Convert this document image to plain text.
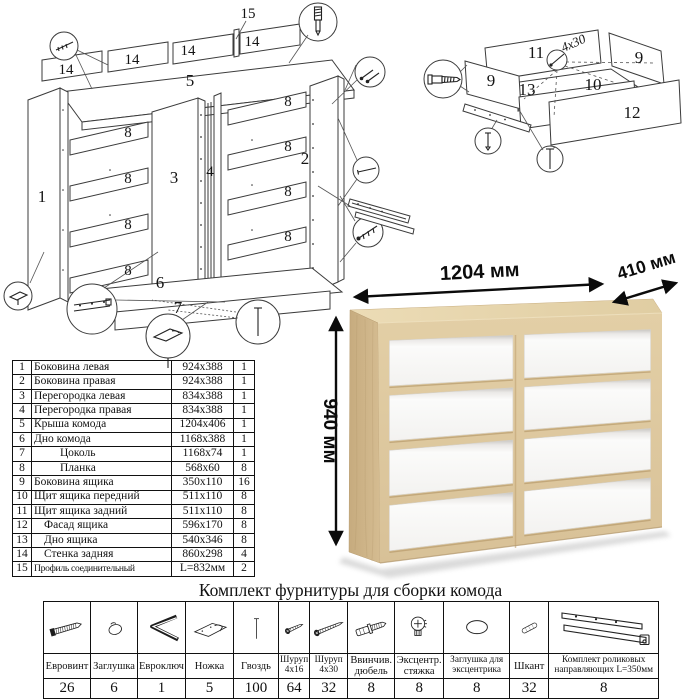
14
14
14
14
15
5
1
3 4
2
8
8
8
8
8
8
8
8
6
7
11
9
9
13	10
12
4х30
1204 мм	410 мм
940 мм
1	Боковина левая	924х388	1
2	Боковина правая	924х388	1
3	Перегородка левая	834х388	1
4	Перегородка правая	834х388	1
5	Крыша комода	1204х406	1
6	Дно комода	1168х388	1
7	Цоколь	1168х74	1
8	Планка	568х60	8
9	Боковина ящика	350х110	16
10	Щит ящика передний	511х110	8
11	Щит ящика задний	511х110	8
12	Фасад ящика	596х170	8
13	Дно ящика	540х346	8
14	Стенка задняя	860х298	4
15	Профиль соединительный	L=832мм	2
Комплект фурнитуры для сборки комода

Евровинт	Заглушка	Евроключ	Ножка	Гвоздь	Шуруп 4х16	Шуруп 4х30	Ввинчив. дюбель	Эксцентр. стяжка	Заглушка для эксцентрика	Шкант	Комплект роликовых направляющих L=350мм
26	6	1	5	100	64	32	8	8	8	32	8
